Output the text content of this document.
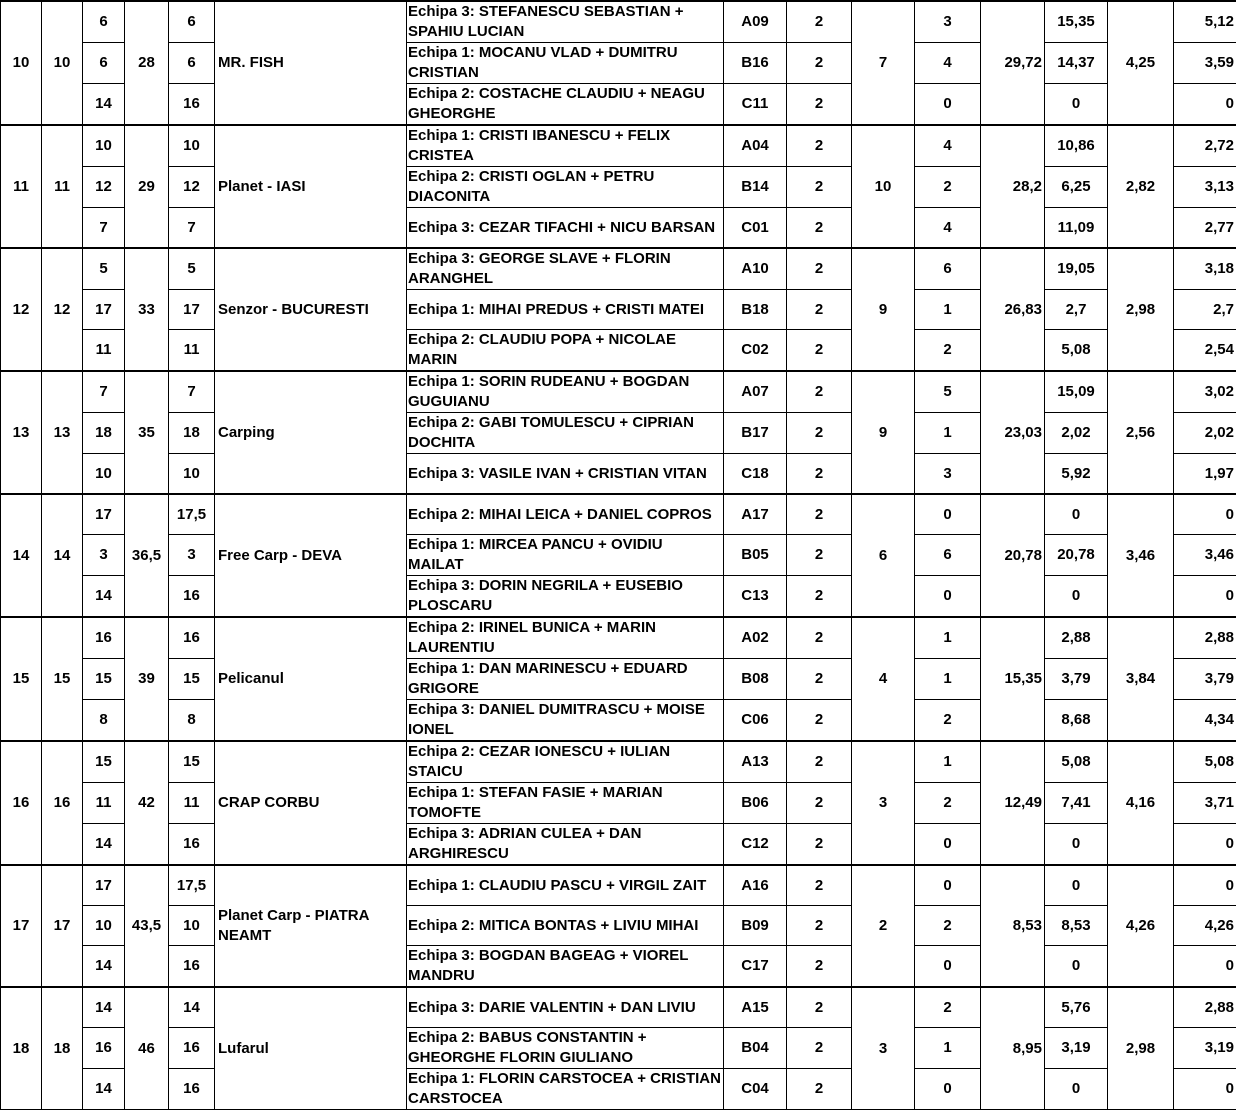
10	10	6	28	6	MR. FISH	Echipa 3: STEFANESCU SEBASTIAN + SPAHIU LUCIAN	A09	2	7	3	29,72	15,35	4,25	5,12
		6		6		Echipa 1: MOCANU VLAD + DUMITRU CRISTIAN	B16	2		4		14,37		3,59
		14		16		Echipa 2: COSTACHE CLAUDIU + NEAGU GHEORGHE	C11	2		0		0		0
11	11	10	29	10	Planet - IASI	Echipa 1: CRISTI IBANESCU + FELIX CRISTEA	A04	2	10	4	28,2	10,86	2,82	2,72
		12		12		Echipa 2: CRISTI OGLAN + PETRU DIACONITA	B14	2		2		6,25		3,13
		7		7		Echipa 3: CEZAR TIFACHI + NICU BARSAN	C01	2		4		11,09		2,77
12	12	5	33	5	Senzor - BUCURESTI	Echipa 3: GEORGE SLAVE + FLORIN ARANGHEL	A10	2	9	6	26,83	19,05	2,98	3,18
		17		17		Echipa 1: MIHAI PREDUS + CRISTI MATEI	B18	2		1		2,7		2,7
		11		11		Echipa 2: CLAUDIU POPA + NICOLAE MARIN	C02	2		2		5,08		2,54
13	13	7	35	7	Carping	Echipa 1: SORIN RUDEANU + BOGDAN GUGUIANU	A07	2	9	5	23,03	15,09	2,56	3,02
		18		18		Echipa 2: GABI TOMULESCU + CIPRIAN DOCHITA	B17	2		1		2,02		2,02
		10		10		Echipa 3: VASILE IVAN + CRISTIAN VITAN	C18	2		3		5,92		1,97
14	14	17	36,5	17,5	Free Carp - DEVA	Echipa 2: MIHAI LEICA + DANIEL COPROS	A17	2	6	0	20,78	0	3,46	0
		3		3		Echipa 1: MIRCEA PANCU + OVIDIU MAILAT	B05	2		6		20,78		3,46
		14		16		Echipa 3: DORIN NEGRILA + EUSEBIO PLOSCARU	C13	2		0		0		0
15	15	16	39	16	Pelicanul	Echipa 2: IRINEL BUNICA + MARIN LAURENTIU	A02	2	4	1	15,35	2,88	3,84	2,88
		15		15		Echipa 1: DAN MARINESCU + EDUARD GRIGORE	B08	2		1		3,79		3,79
		8		8		Echipa 3: DANIEL DUMITRASCU + MOISE IONEL	C06	2		2		8,68		4,34
16	16	15	42	15	CRAP CORBU	Echipa 2: CEZAR IONESCU + IULIAN STAICU	A13	2	3	1	12,49	5,08	4,16	5,08
		11		11		Echipa 1: STEFAN FASIE + MARIAN TOMOFTE	B06	2		2		7,41		3,71
		14		16		Echipa 3: ADRIAN CULEA + DAN ARGHIRESCU	C12	2		0		0		0
17	17	17	43,5	17,5	Planet Carp - PIATRA NEAMT	Echipa 1: CLAUDIU PASCU + VIRGIL ZAIT	A16	2	2	0	8,53	0	4,26	0
		10		10		Echipa 2: MITICA BONTAS + LIVIU MIHAI	B09	2		2		8,53		4,26
		14		16		Echipa 3: BOGDAN BAGEAG + VIOREL MANDRU	C17	2		0		0		0
18	18	14	46	14	Lufarul	Echipa 3: DARIE VALENTIN + DAN LIVIU	A15	2	3	2	8,95	5,76	2,98	2,88
		16		16		Echipa 2: BABUS CONSTANTIN + GHEORGHE FLORIN GIULIANO	B04	2		1		3,19		3,19
		14		16		Echipa 1: FLORIN CARSTOCEA + CRISTIAN CARSTOCEA	C04	2		0		0		0
